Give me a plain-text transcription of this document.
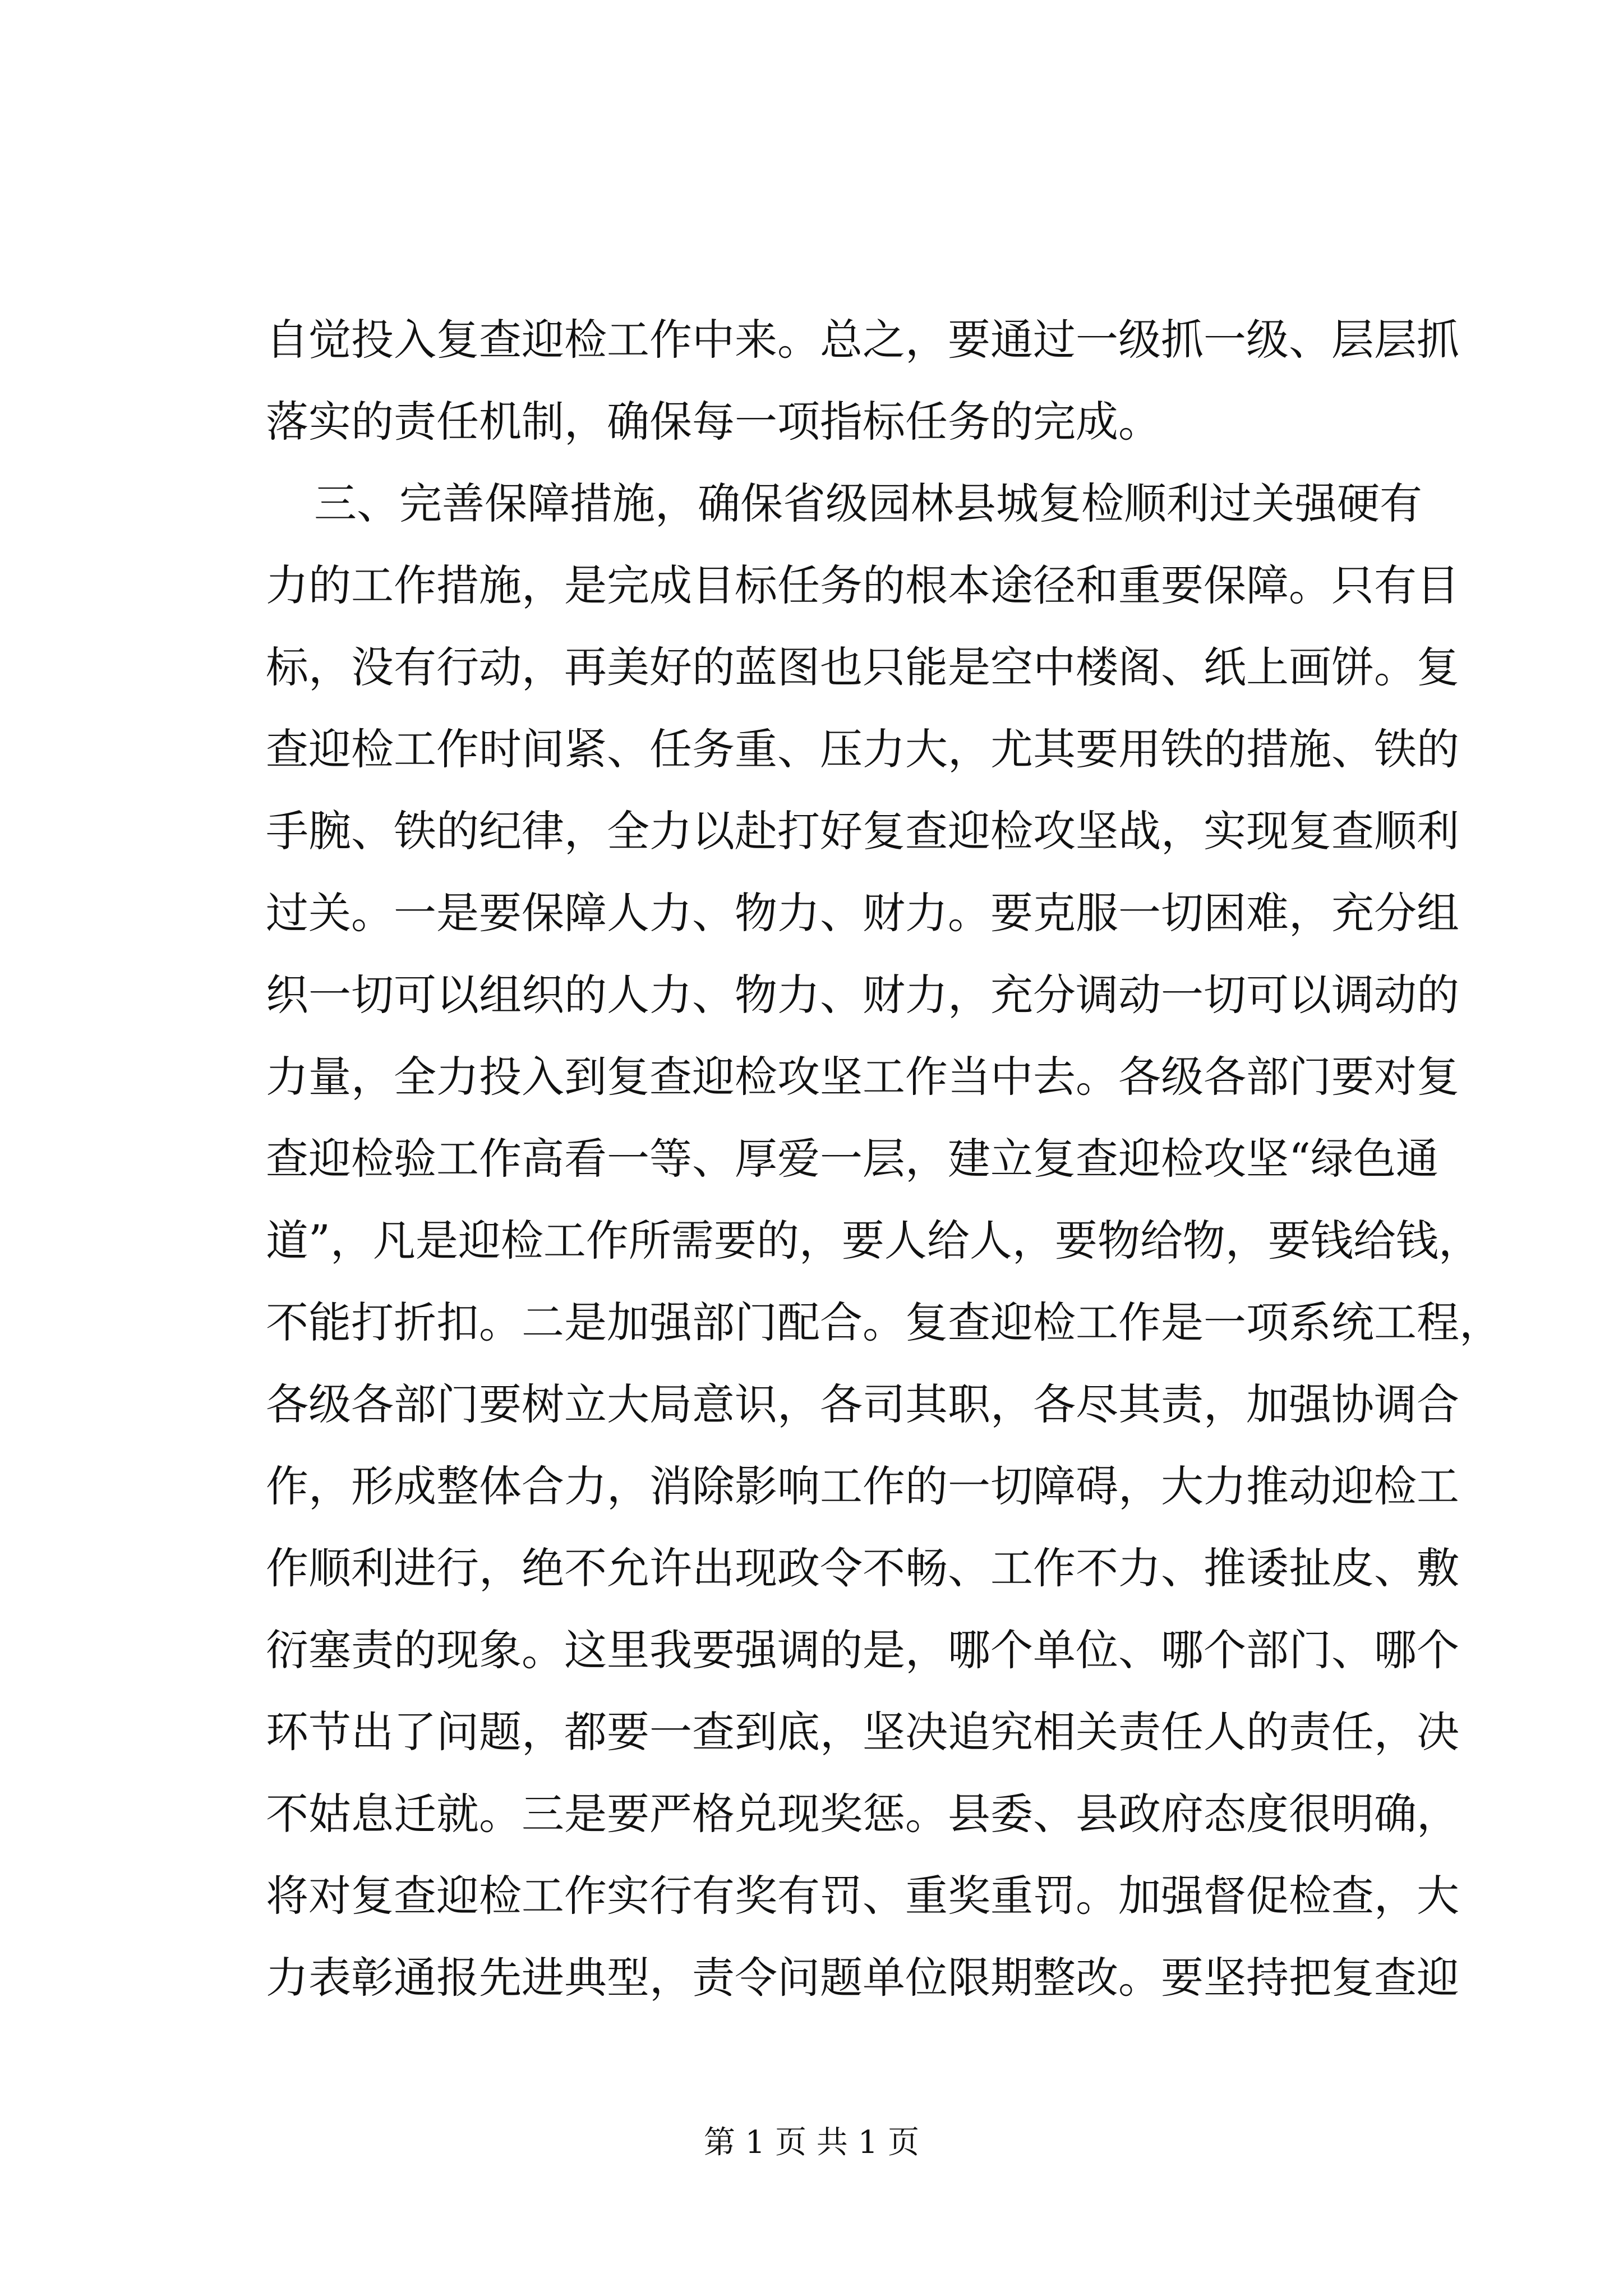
自觉投入复查迎检工作中来。总之，要通过一级抓一级、层层抓
落实的责任机制，确保每一项指标任务的完成。
三、完善保障措施，确保省级园林县城复检顺利过关强硬有
力的工作措施，是完成目标任务的根本途径和重要保障。只有目
标，没有行动，再美好的蓝图也只能是空中楼阁、纸上画饼。复
查迎检工作时间紧、任务重、压力大，尤其要用铁的措施、铁的
手腕、铁的纪律，全力以赴打好复查迎检攻坚战，实现复查顺利
过关。一是要保障人力、物力、财力。要克服一切困难，充分组
织一切可以组织的人力、物力、财力，充分调动一切可以调动的
力量，全力投入到复查迎检攻坚工作当中去。各级各部门要对复
查迎检验工作高看一等、厚爱一层，建立复查迎检攻坚“绿色通
道”，凡是迎检工作所需要的，要人给人，要物给物，要钱给钱，
不能打折扣。二是加强部门配合。复查迎检工作是一项系统工程，
各级各部门要树立大局意识，各司其职，各尽其责，加强协调合
作，形成整体合力，消除影响工作的一切障碍，大力推动迎检工
作顺利进行，绝不允许出现政令不畅、工作不力、推诿扯皮、敷
衍塞责的现象。这里我要强调的是，哪个单位、哪个部门、哪个
环节出了问题，都要一查到底，坚决追究相关责任人的责任，决
不姑息迁就。三是要严格兑现奖惩。县委、县政府态度很明确，
将对复查迎检工作实行有奖有罚、重奖重罚。加强督促检查，大
力表彰通报先进典型，责令问题单位限期整改。要坚持把复查迎
第 1 页 共 1 页
